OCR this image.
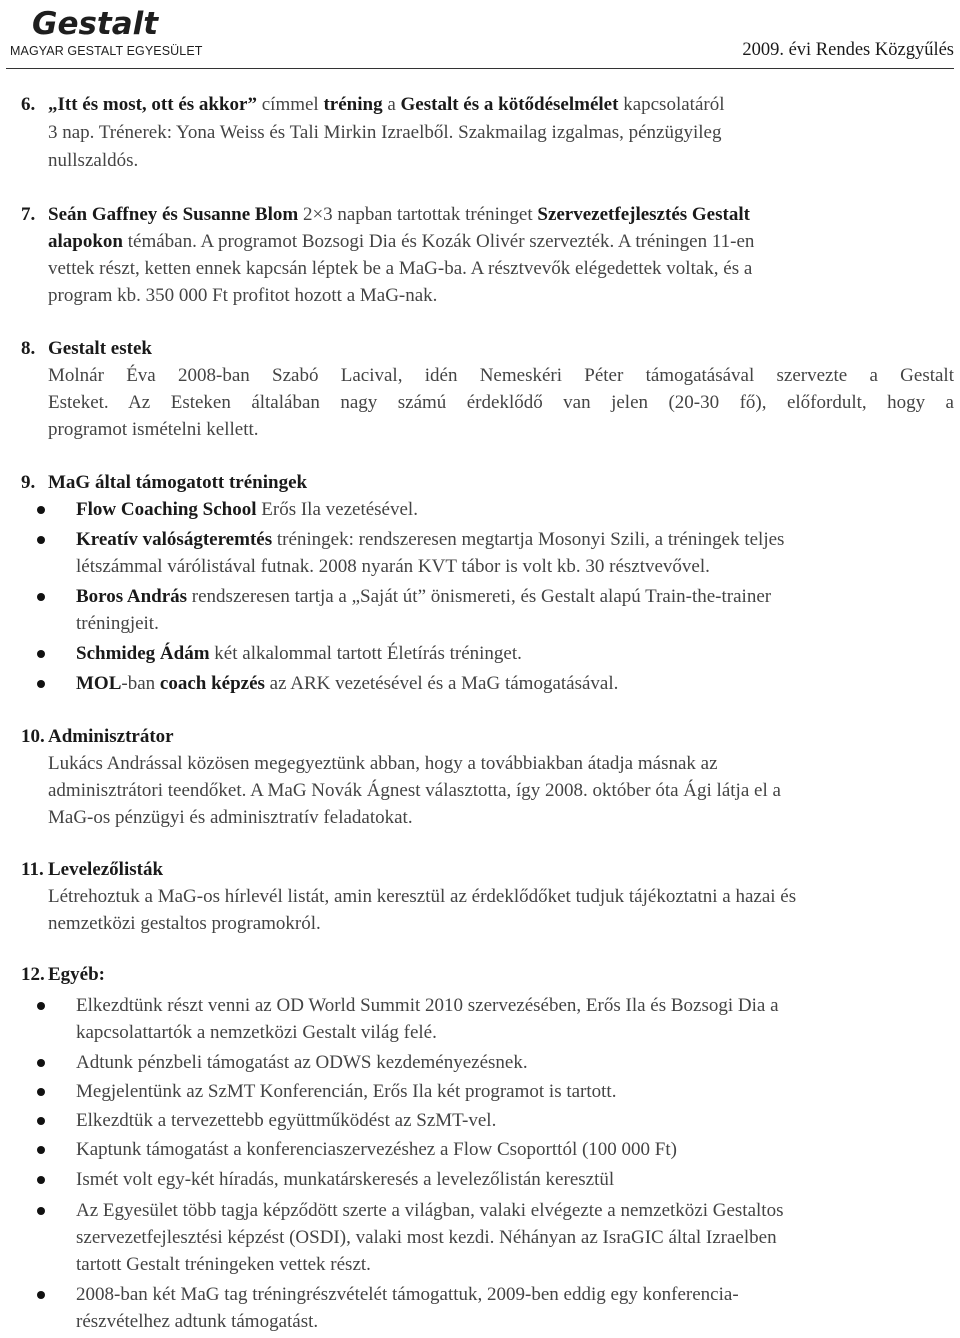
Gestalt
MAGYAR GESTALT EGYESÜLET	2009. évi Rendes Közgyűlés
6. „Itt és most, ott és akkor” címmel tréning a Gestalt és a kötődéselmélet kapcsolatáról
3 nap. Trénerek: Yona Weiss és Tali Mirkin Izraelből. Szakmailag izgalmas, pénzügyileg
nullszaldós.
7. Seán Gaffney és Susanne Blom 2×3 napban tartottak tréninget Szervezetfejlesztés Gestalt
alapokon témában. A programot Bozsogi Dia és Kozák Olivér szervezték. A tréningen 11-en
vettek részt, ketten ennek kapcsán léptek be a MaG-ba. A résztvevők elégedettek voltak, és a
program kb. 350 000 Ft profitot hozott a MaG-nak.
8. Gestalt estek
Molnár Éva 2008-ban Szabó Lacival, idén Nemeskéri Péter támogatásával szervezte a Gestalt
Esteket. Az Esteken általában nagy számú érdeklődő van jelen (20-30 fő), előfordult, hogy a
programot ismételni kellett.
9. MaG által támogatott tréningek
Flow Coaching School Erős Ila vezetésével.
Kreatív valóságteremtés tréningek: rendszeresen megtartja Mosonyi Szili, a tréningek teljes
létszámmal várólistával futnak. 2008 nyarán KVT tábor is volt kb. 30 résztvevővel.
Boros András rendszeresen tartja a „Saját út” önismereti, és Gestalt alapú Train-the-trainer
tréningjeit.
Schmideg Ádám két alkalommal tartott Életírás tréninget.
MOL-ban coach képzés az ARK vezetésével és a MaG támogatásával.
10. Adminisztrátor
Lukács Andrással közösen megegyeztünk abban, hogy a továbbiakban átadja másnak az
adminisztrátori teendőket. A MaG Novák Ágnest választotta, így 2008. október óta Ági látja el a
MaG-os pénzügyi és adminisztratív feladatokat.
11. Levelezőlisták
Létrehoztuk a MaG-os hírlevél listát, amin keresztül az érdeklődőket tudjuk tájékoztatni a hazai és
nemzetközi gestaltos programokról.
12. Egyéb:
Elkezdtünk részt venni az OD World Summit 2010 szervezésében, Erős Ila és Bozsogi Dia a
kapcsolattartók a nemzetközi Gestalt világ felé.
Adtunk pénzbeli támogatást az ODWS kezdeményezésnek.
Megjelentünk az SzMT Konferencián, Erős Ila két programot is tartott.
Elkezdtük a tervezettebb együttműködést az SzMT-vel.
Kaptunk támogatást a konferenciaszervezéshez a Flow Csoporttól (100 000 Ft)
Ismét volt egy-két híradás, munkatárskeresés a levelezőlistán keresztül
Az Egyesület több tagja képződött szerte a világban, valaki elvégezte a nemzetközi Gestaltos
szervezetfejlesztési képzést (OSDI), valaki most kezdi. Néhányan az IsraGIC által Izraelben
tartott Gestalt tréningeken vettek részt.
2008-ban két MaG tag tréningrészvételét támogattuk, 2009-ben eddig egy konferencia-
részvételhez adtunk támogatást.
